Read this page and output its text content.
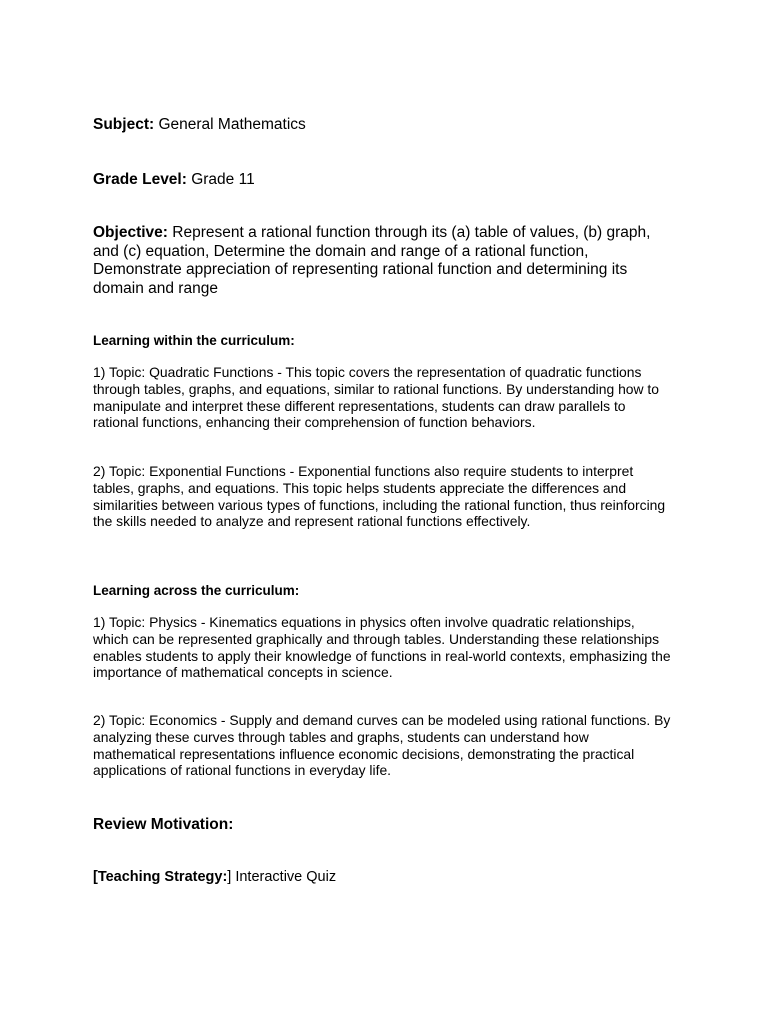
Subject: General Mathematics

Grade Level: Grade 11

Objective: Represent a rational function through its (a) table of values, (b) graph, and (c) equation, Determine the domain and range of a rational function, Demonstrate appreciation of representing rational function and determining its domain and range

Learning within the curriculum:

1) Topic: Quadratic Functions - This topic covers the representation of quadratic functions through tables, graphs, and equations, similar to rational functions. By understanding how to manipulate and interpret these different representations, students can draw parallels to rational functions, enhancing their comprehension of function behaviors.

2) Topic: Exponential Functions - Exponential functions also require students to interpret tables, graphs, and equations. This topic helps students appreciate the differences and similarities between various types of functions, including the rational function, thus reinforcing the skills needed to analyze and represent rational functions effectively.

Learning across the curriculum:

1) Topic: Physics - Kinematics equations in physics often involve quadratic relationships, which can be represented graphically and through tables. Understanding these relationships enables students to apply their knowledge of functions in real-world contexts, emphasizing the importance of mathematical concepts in science.

2) Topic: Economics - Supply and demand curves can be modeled using rational functions. By analyzing these curves through tables and graphs, students can understand how mathematical representations influence economic decisions, demonstrating the practical applications of rational functions in everyday life.

Review Motivation:

[Teaching Strategy:] Interactive Quiz
